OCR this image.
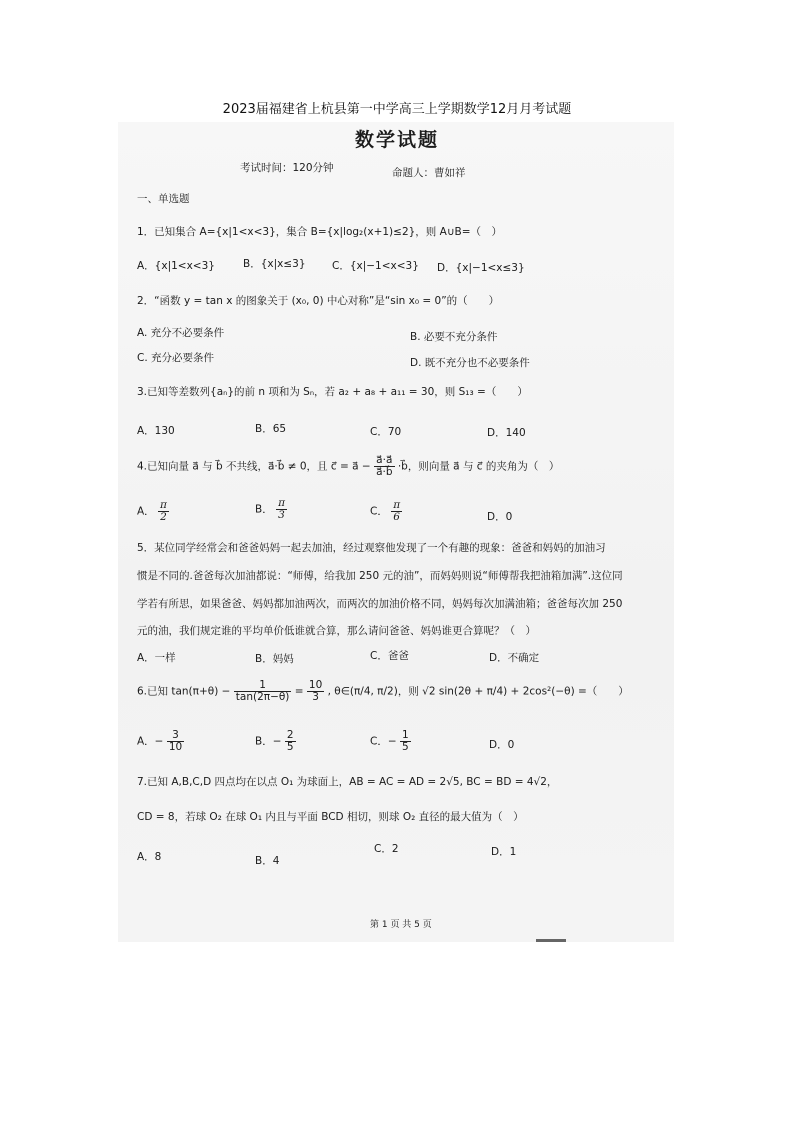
2023届福建省上杭县第一中学高三上学期数学12月月考试题
数学试题
考试时间：120分钟	命题人：曹如祥
一、单选题
1．已知集合 A={x|1<x<3}，集合 B={x|log₂(x+1)≤2}，则 A∪B=（　）
A．{x|1<x<3}	B．{x|x≤3}	C．{x|−1<x<3} D．{x|−1<x≤3}
2．“函数 y = tan x 的图象关于 (x₀, 0) 中心对称”是“sin x₀ = 0”的（　　）
A. 充分不必要条件	B. 必要不充分条件
C. 充分必要条件	D. 既不充分也不必要条件
3.已知等差数列{aₙ}的前 n 项和为 Sₙ，若 a₂ + a₈ + a₁₁ = 30，则 S₁₃ =（　　）
A．130	B．65	C．70	D．140
4.已知向量 a⃗ 与 b⃗ 不共线，a⃗·b⃗ ≠ 0，且 c⃗ = a⃗ − $\frac{a⃗\cdot a⃗}{a⃗\cdot b⃗}$ ·b⃗，则向量 a⃗ 与 c⃗ 的夹角为（　）
A． $\frac{\pi}{2}$	B． $\frac{\pi}{3}$	C． $\frac{\pi}{6}$	D．0
5．某位同学经常会和爸爸妈妈一起去加油，经过观察他发现了一个有趣的现象：爸爸和妈妈的加油习
惯是不同的.爸爸每次加油都说：“师傅，给我加 250 元的油”，而妈妈则说“师傅帮我把油箱加满”.这位同
学若有所思，如果爸爸、妈妈都加油两次，而两次的加油价格不同，妈妈每次加满油箱；爸爸每次加 250
元的油，我们规定谁的平均单价低谁就合算，那么请问爸爸、妈妈谁更合算呢？（　）
A．一样	B．妈妈	C．爸爸	D．不确定
6.已知 $\tan(\pi+\theta) - \frac{1}{\tan(2\pi-\theta)} = \frac{10}{3}$ , θ∈(π/4, π/2)，则 √2 sin(2θ + π/4) + 2cos²(−θ) =（　　）
A．− $\frac{3}{10}$	B．− $\frac{2}{5}$	C．− $\frac{1}{5}$	D．0
7.已知 A,B,C,D 四点均在以点 O₁ 为球面上，AB = AC = AD = 2√5, BC = BD = 4√2，
CD = 8，若球 O₂ 在球 O₁ 内且与平面 BCD 相切，则球 O₂ 直径的最大值为（　）
A．8	B．4
C．2	D．1
第 1 页 共 5 页
